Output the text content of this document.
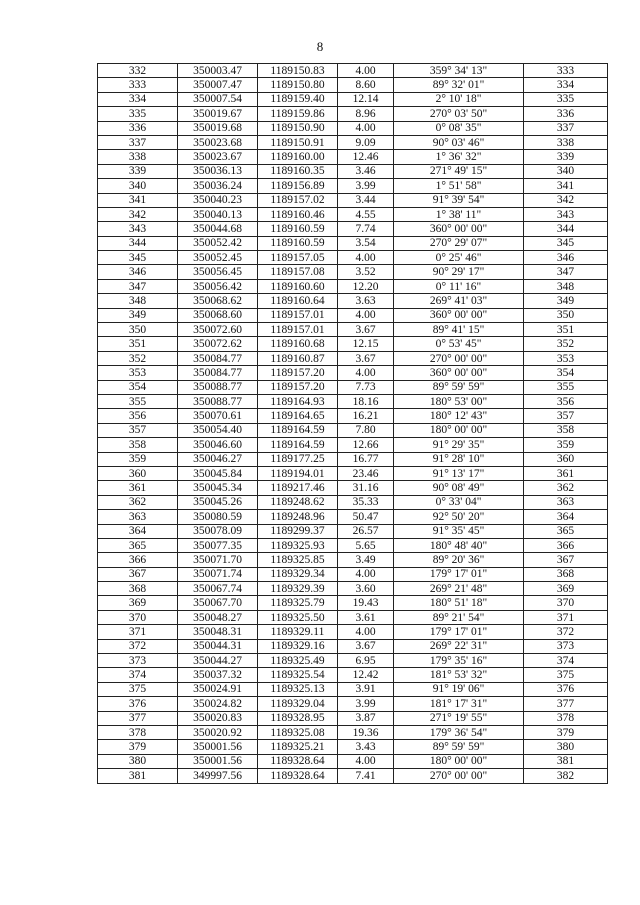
8
332	350003.47	1189150.83	4.00	359° 34' 13"	333
333	350007.47	1189150.80	8.60	89° 32' 01"	334
334	350007.54	1189159.40	12.14	2° 10' 18"	335
335	350019.67	1189159.86	8.96	270° 03' 50"	336
336	350019.68	1189150.90	4.00	0° 08' 35"	337
337	350023.68	1189150.91	9.09	90° 03' 46"	338
338	350023.67	1189160.00	12.46	1° 36' 32"	339
339	350036.13	1189160.35	3.46	271° 49' 15"	340
340	350036.24	1189156.89	3.99	1° 51' 58"	341
341	350040.23	1189157.02	3.44	91° 39' 54"	342
342	350040.13	1189160.46	4.55	1° 38' 11"	343
343	350044.68	1189160.59	7.74	360° 00' 00"	344
344	350052.42	1189160.59	3.54	270° 29' 07"	345
345	350052.45	1189157.05	4.00	0° 25' 46"	346
346	350056.45	1189157.08	3.52	90° 29' 17"	347
347	350056.42	1189160.60	12.20	0° 11' 16"	348
348	350068.62	1189160.64	3.63	269° 41' 03"	349
349	350068.60	1189157.01	4.00	360° 00' 00"	350
350	350072.60	1189157.01	3.67	89° 41' 15"	351
351	350072.62	1189160.68	12.15	0° 53' 45"	352
352	350084.77	1189160.87	3.67	270° 00' 00"	353
353	350084.77	1189157.20	4.00	360° 00' 00"	354
354	350088.77	1189157.20	7.73	89° 59' 59"	355
355	350088.77	1189164.93	18.16	180° 53' 00"	356
356	350070.61	1189164.65	16.21	180° 12' 43"	357
357	350054.40	1189164.59	7.80	180° 00' 00"	358
358	350046.60	1189164.59	12.66	91° 29' 35"	359
359	350046.27	1189177.25	16.77	91° 28' 10"	360
360	350045.84	1189194.01	23.46	91° 13' 17"	361
361	350045.34	1189217.46	31.16	90° 08' 49"	362
362	350045.26	1189248.62	35.33	0° 33' 04"	363
363	350080.59	1189248.96	50.47	92° 50' 20"	364
364	350078.09	1189299.37	26.57	91° 35' 45"	365
365	350077.35	1189325.93	5.65	180° 48' 40"	366
366	350071.70	1189325.85	3.49	89° 20' 36"	367
367	350071.74	1189329.34	4.00	179° 17' 01"	368
368	350067.74	1189329.39	3.60	269° 21' 48"	369
369	350067.70	1189325.79	19.43	180° 51' 18"	370
370	350048.27	1189325.50	3.61	89° 21' 54"	371
371	350048.31	1189329.11	4.00	179° 17' 01"	372
372	350044.31	1189329.16	3.67	269° 22' 31"	373
373	350044.27	1189325.49	6.95	179° 35' 16"	374
374	350037.32	1189325.54	12.42	181° 53' 32"	375
375	350024.91	1189325.13	3.91	91° 19' 06"	376
376	350024.82	1189329.04	3.99	181° 17' 31"	377
377	350020.83	1189328.95	3.87	271° 19' 55"	378
378	350020.92	1189325.08	19.36	179° 36' 54"	379
379	350001.56	1189325.21	3.43	89° 59' 59"	380
380	350001.56	1189328.64	4.00	180° 00' 00"	381
381	349997.56	1189328.64	7.41	270° 00' 00"	382
